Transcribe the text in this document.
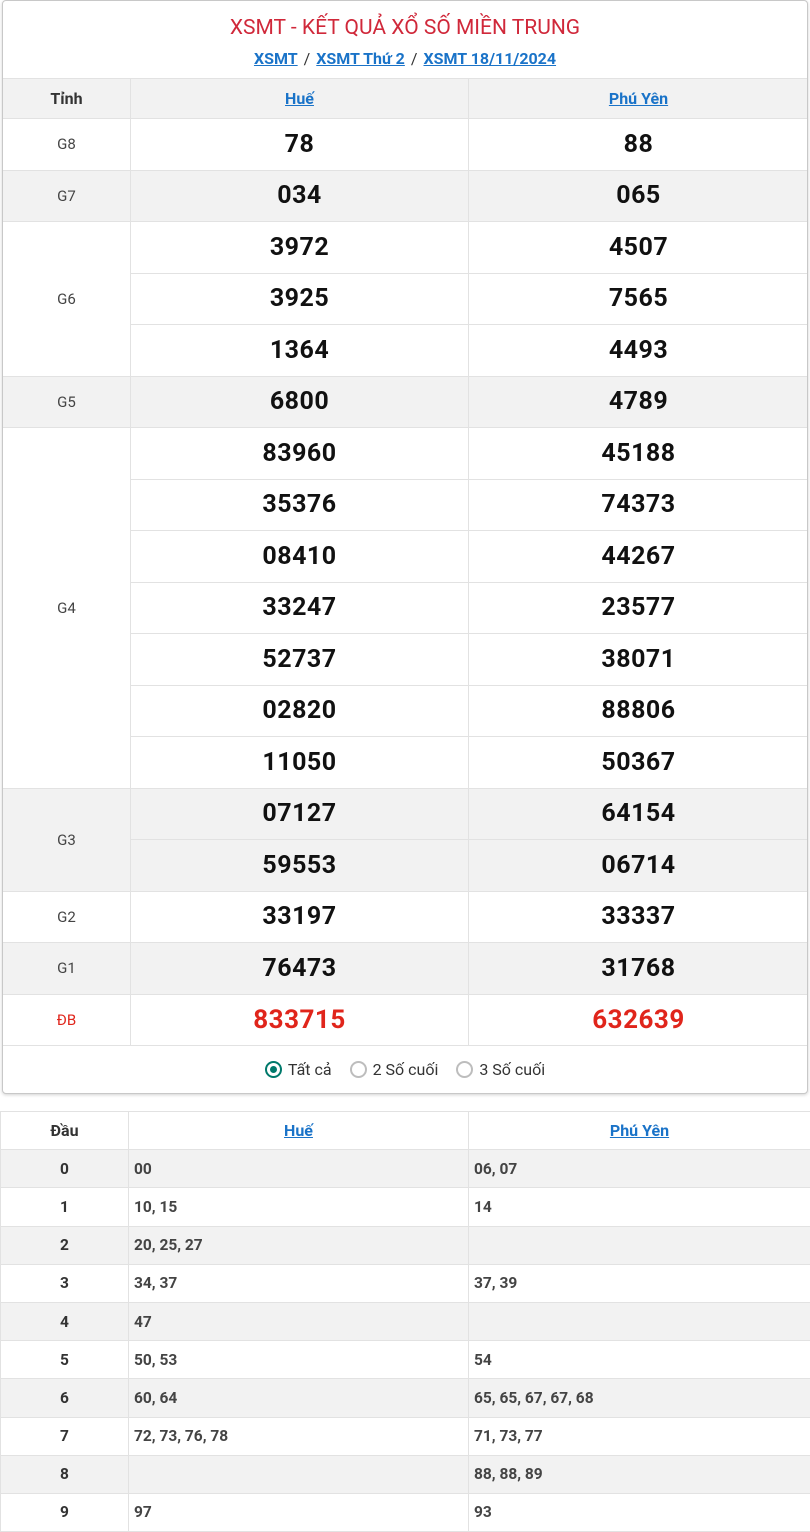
XSMT - KẾT QUẢ XỔ SỐ MIỀN TRUNG
XSMT / XSMT Thứ 2 / XSMT 18/11/2024
Tỉnh	Huế	Phú Yên
G8	78	88
G7	034	065
G6	3972	4507
	3925	7565
	1364	4493
G5	6800	4789
G4	83960	45188
	35376	74373
	08410	44267
	33247	23577
	52737	38071
	02820	88806
	11050	50367
G3	07127	64154
	59553	06714
G2	33197	33337
G1	76473	31768
ĐB	833715	632639
Tất cả	2 Số cuối	3 Số cuối
Đầu	Huế	Phú Yên
0	00	06, 07
1	10, 15	14
2	20, 25, 27	
3	34, 37	37, 39
4	47	
5	50, 53	54
6	60, 64	65, 65, 67, 67, 68
7	72, 73, 76, 78	71, 73, 77
8		88, 88, 89
9	97	93
